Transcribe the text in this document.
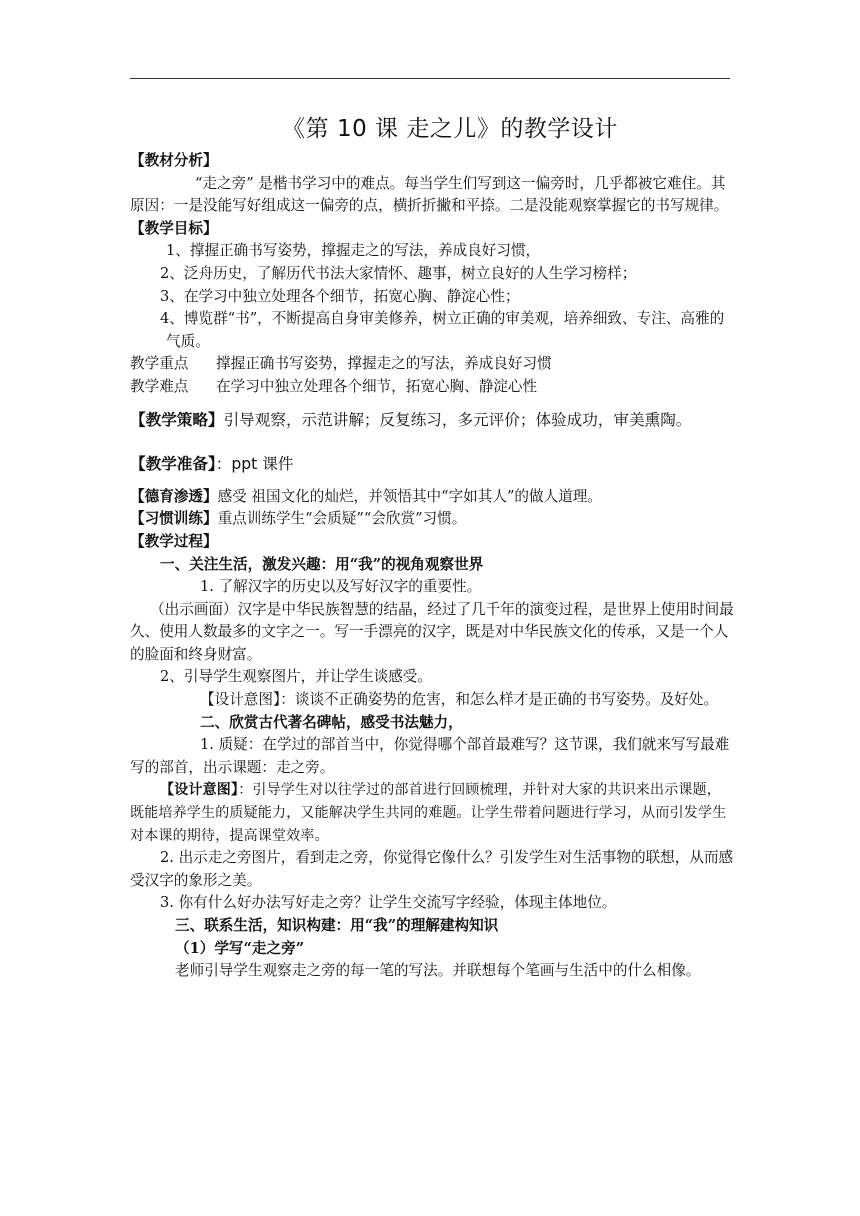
《第 10 课 走之儿》的教学设计

【教材分析】

“走之旁” 是楷书学习中的难点。每当学生们写到这一偏旁时，几乎都被它难住。其原因：一是没能写好组成这一偏旁的点，横折折撇和平捺。二是没能观察掌握它的书写规律。

【教学目标】

1、撑握正确书写姿势，撑握走之的写法，养成良好习惯，

2、泛舟历史，了解历代书法大家情怀、趣事，树立良好的人生学习榜样；

3、在学习中独立处理各个细节，拓宽心胸、静淀心性；

4、博览群“书”，不断提高自身审美修养，树立正确的审美观，培养细致、专注、高雅的气质。

教学重点 撑握正确书写姿势，撑握走之的写法，养成良好习惯

教学难点 在学习中独立处理各个细节，拓宽心胸、静淀心性

【教学策略】引导观察，示范讲解；反复练习，多元评价；体验成功，审美熏陶。

【教学准备】：ppt 课件

【德育渗透】感受 祖国文化的灿烂，并领悟其中“字如其人”的做人道理。

【习惯训练】重点训练学生“会质疑”“会欣赏”习惯。

【教学过程】

一、关注生活，激发兴趣：用“我”的视角观察世界

1. 了解汉字的历史以及写好汉字的重要性。

（出示画面）汉字是中华民族智慧的结晶，经过了几千年的演变过程，是世界上使用时间最久、使用人数最多的文字之一。写一手漂亮的汉字，既是对中华民族文化的传承，又是一个人的脸面和终身财富。

2、引导学生观察图片，并让学生谈感受。

【设计意图】：谈谈不正确姿势的危害，和怎么样才是正确的书写姿势。及好处。

二、欣赏古代著名碑帖，感受书法魅力，

1. 质疑：在学过的部首当中，你觉得哪个部首最难写？这节课，我们就来写写最难写的部首，出示课题：走之旁。

【设计意图】：引导学生对以往学过的部首进行回顾梳理，并针对大家的共识来出示课题，既能培养学生的质疑能力，又能解决学生共同的难题。让学生带着问题进行学习，从而引发学生对本课的期待，提高课堂效率。

2. 出示走之旁图片，看到走之旁，你觉得它像什么？引发学生对生活事物的联想，从而感受汉字的象形之美。

3. 你有什么好办法写好走之旁？让学生交流写字经验，体现主体地位。

三、联系生活，知识构建：用“我”的理解建构知识

（1）学写“走之旁”

老师引导学生观察走之旁的每一笔的写法。并联想每个笔画与生活中的什么相像。
